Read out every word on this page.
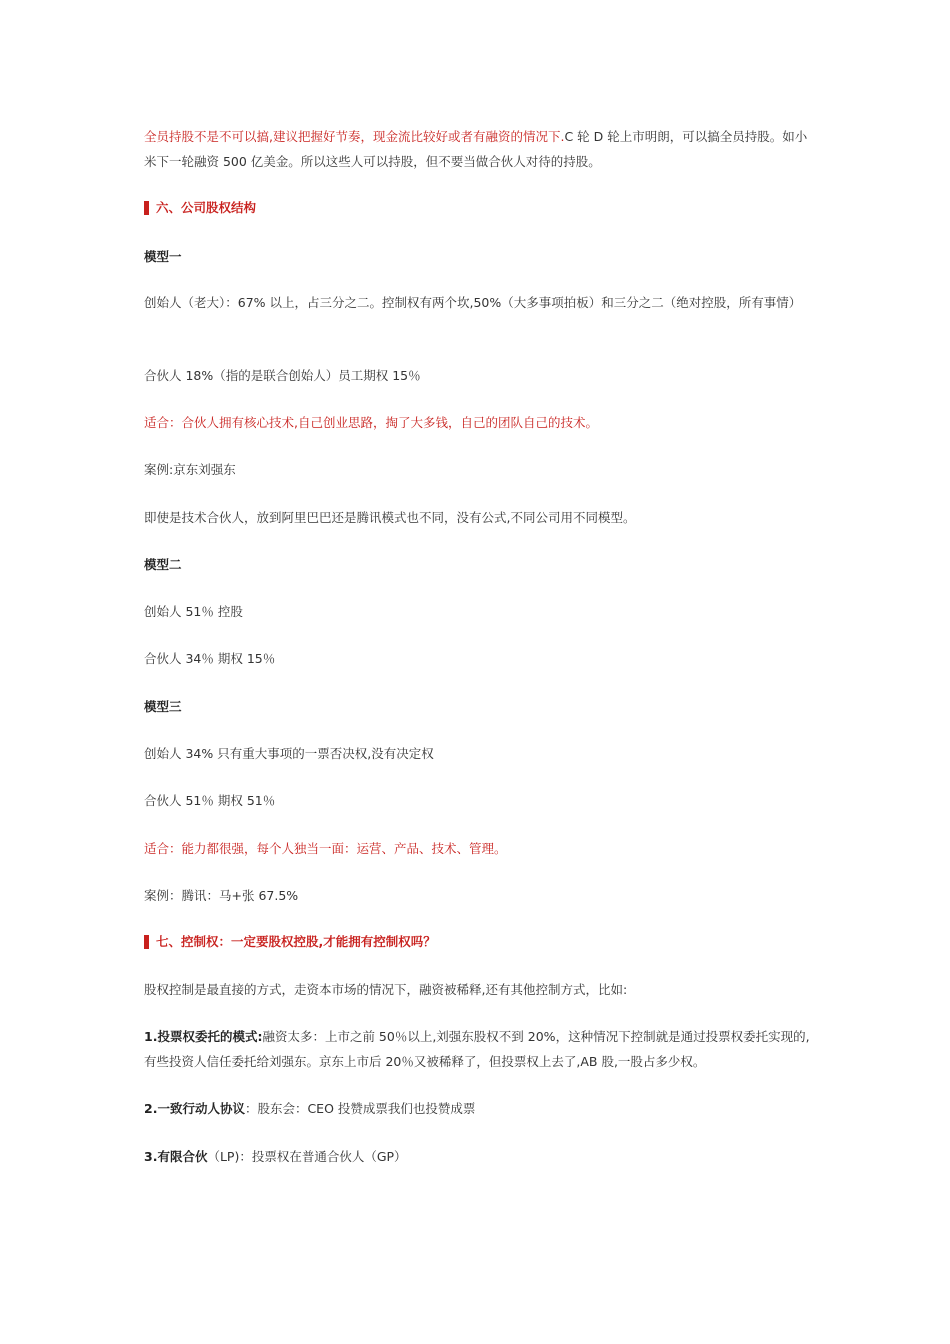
全员持股不是不可以搞,建议把握好节奏，现金流比较好或者有融资的情况下.C 轮 D 轮上市明朗，可以搞全员持股。如小米下一轮融资 500 亿美金。所以这些人可以持股，但不要当做合伙人对待的持股。

六、公司股权结构

模型一

创始人（老大）：67% 以上，占三分之二。控制权有两个坎,50%（大多事项拍板）和三分之二（绝对控股，所有事情）

合伙人 18%（指的是联合创始人）员工期权 15％

适合：合伙人拥有核心技术,自己创业思路，掏了大多钱，自己的团队自己的技术。

案例:京东刘强东

即使是技术合伙人，放到阿里巴巴还是腾讯模式也不同，没有公式,不同公司用不同模型。

模型二

创始人 51％ 控股

合伙人 34％ 期权 15％

模型三

创始人 34% 只有重大事项的一票否决权,没有决定权

合伙人 51％ 期权 51％

适合：能力都很强，每个人独当一面：运营、产品、技术、管理。

案例：腾讯：马+张 67.5%

七、控制权：一定要股权控股,才能拥有控制权吗？

股权控制是最直接的方式，走资本市场的情况下，融资被稀释,还有其他控制方式，比如:

1.投票权委托的模式:融资太多：上市之前 50％以上,刘强东股权不到 20%，这种情况下控制就是通过投票权委托实现的,有些投资人信任委托给刘强东。京东上市后 20％又被稀释了，但投票权上去了,AB 股,一股占多少权。

2.一致行动人协议：股东会：CEO 投赞成票我们也投赞成票

3.有限合伙（LP)：投票权在普通合伙人（GP）
